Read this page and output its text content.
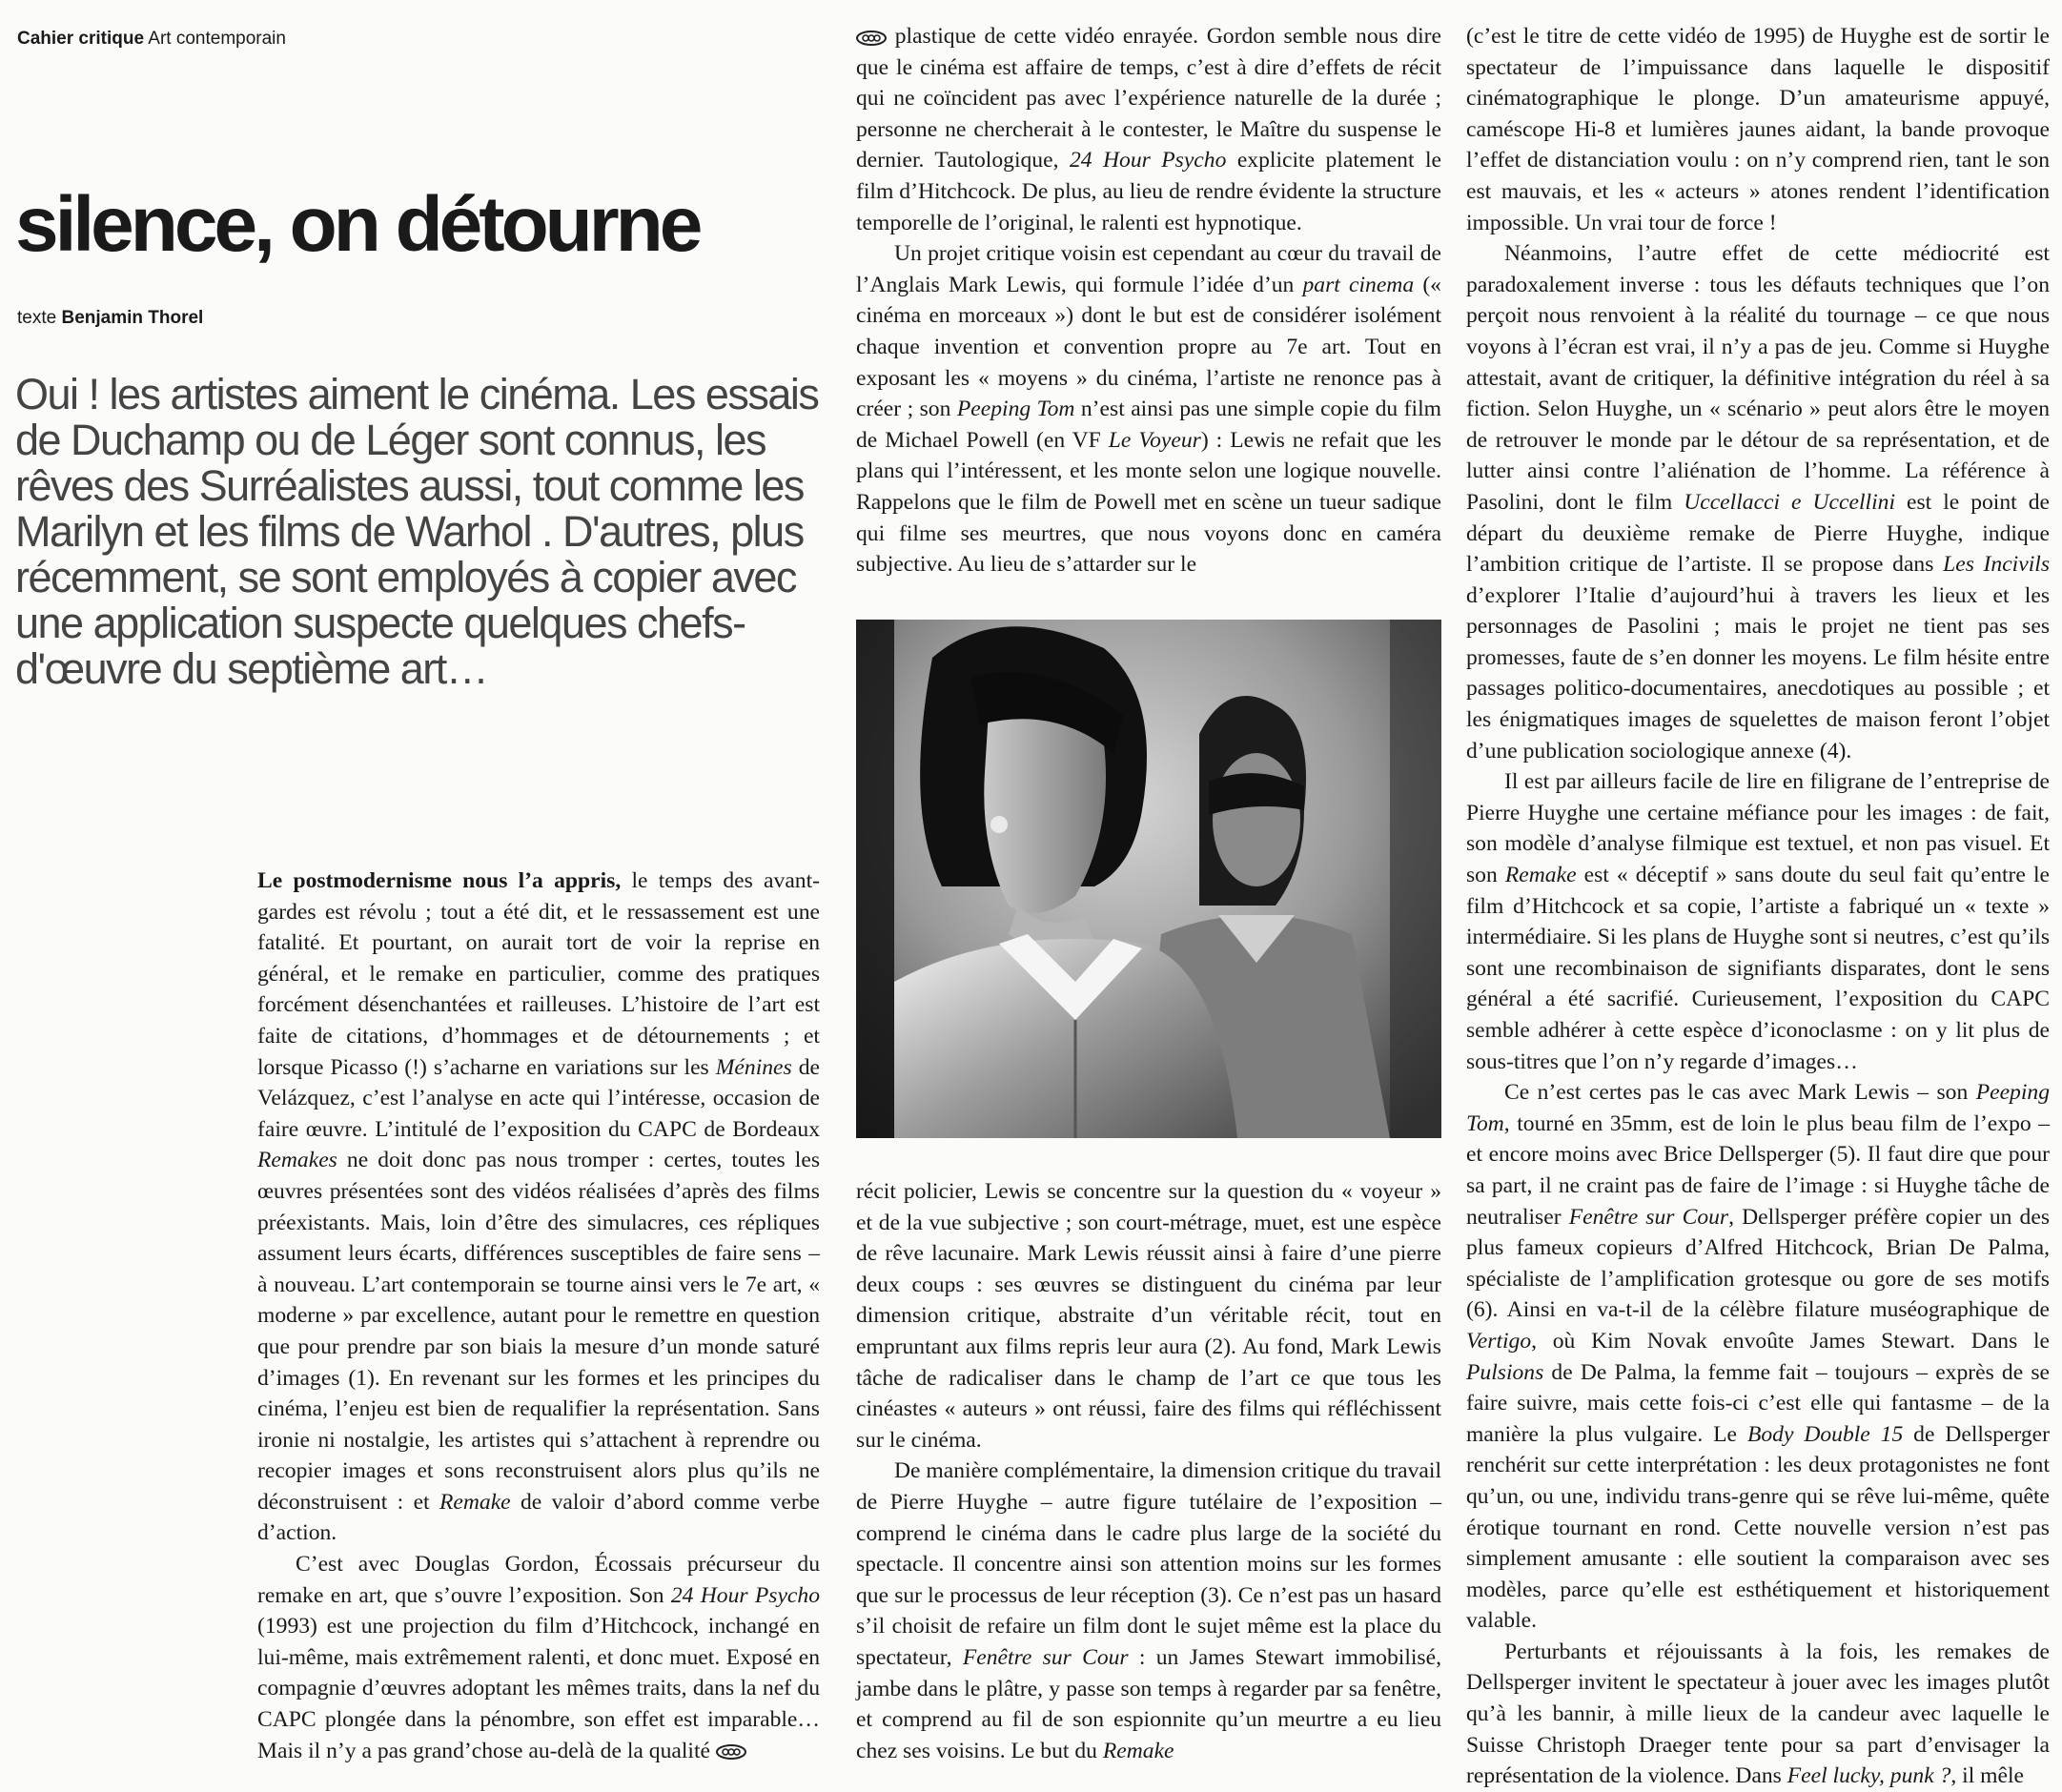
Cahier critique Art contemporain
silence, on détourne
texte Benjamin Thorel
Oui ! les artistes aiment le cinéma. Les essais de Duchamp ou de Léger sont connus, les rêves des Surréalistes aussi, tout comme les Marilyn et les films de Warhol . D'autres, plus récemment, se sont employés à copier avec une application suspecte quelques chefs-d'œuvre du septième art…

Le postmodernisme nous l’a appris, le temps des avant-gardes est révolu ; tout a été dit, et le ressassement est une fatalité. Et pourtant, on aurait tort de voir la reprise en général, et le remake en particulier, comme des pratiques forcément désenchantées et railleuses. L’histoire de l’art est faite de citations, d’hommages et de détournements ; et lorsque Picasso (!) s’acharne en variations sur les Ménines de Velázquez, c’est l’analyse en acte qui l’intéresse, occasion de faire œuvre. L’intitulé de l’exposition du CAPC de Bordeaux Remakes ne doit donc pas nous tromper : certes, toutes les œuvres présentées sont des vidéos réalisées d’après des films préexistants. Mais, loin d’être des simulacres, ces répliques assument leurs écarts, différences susceptibles de faire sens – à nouveau. L’art contemporain se tourne ainsi vers le 7e art, « moderne » par excellence, autant pour le remettre en question que pour prendre par son biais la mesure d’un monde saturé d’images (1). En revenant sur les formes et les principes du cinéma, l’enjeu est bien de requalifier la représentation. Sans ironie ni nostalgie, les artistes qui s’attachent à reprendre ou recopier images et sons reconstruisent alors plus qu’ils ne déconstruisent : et Remake de valoir d’abord comme verbe d’action.

C’est avec Douglas Gordon, Écossais précurseur du remake en art, que s’ouvre l’exposition. Son 24 Hour Psycho (1993) est une projection du film d’Hitchcock, inchangé en lui-même, mais extrêmement ralenti, et donc muet. Exposé en compagnie d’œuvres adoptant les mêmes traits, dans la nef du CAPC plongée dans la pénombre, son effet est imparable… Mais il n’y a pas grand’chose au-delà de la qualité

plastique de cette vidéo enrayée. Gordon semble nous dire que le cinéma est affaire de temps, c’est à dire d’effets de récit qui ne coïncident pas avec l’expérience naturelle de la durée ; personne ne chercherait à le contester, le Maître du suspense le dernier. Tautologique, 24 Hour Psycho explicite platement le film d’Hitchcock. De plus, au lieu de rendre évidente la structure temporelle de l’original, le ralenti est hypnotique.

Un projet critique voisin est cependant au cœur du travail de l’Anglais Mark Lewis, qui formule l’idée d’un part cinema (« cinéma en morceaux ») dont le but est de considérer isolément chaque invention et convention propre au 7e art. Tout en exposant les « moyens » du cinéma, l’artiste ne renonce pas à créer ; son Peeping Tom n’est ainsi pas une simple copie du film de Michael Powell (en VF Le Voyeur) : Lewis ne refait que les plans qui l’intéressent, et les monte selon une logique nouvelle. Rappelons que le film de Powell met en scène un tueur sadique qui filme ses meurtres, que nous voyons donc en caméra subjective. Au lieu de s’attarder sur le

récit policier, Lewis se concentre sur la question du « voyeur » et de la vue subjective ; son court-métrage, muet, est une espèce de rêve lacunaire. Mark Lewis réussit ainsi à faire d’une pierre deux coups : ses œuvres se distinguent du cinéma par leur dimension critique, abstraite d’un véritable récit, tout en empruntant aux films repris leur aura (2). Au fond, Mark Lewis tâche de radicaliser dans le champ de l’art ce que tous les cinéastes « auteurs » ont réussi, faire des films qui réfléchissent sur le cinéma.

De manière complémentaire, la dimension critique du travail de Pierre Huyghe – autre figure tutélaire de l’exposition – comprend le cinéma dans le cadre plus large de la société du spectacle. Il concentre ainsi son attention moins sur les formes que sur le processus de leur réception (3). Ce n’est pas un hasard s’il choisit de refaire un film dont le sujet même est la place du spectateur, Fenêtre sur Cour : un James Stewart immobilisé, jambe dans le plâtre, y passe son temps à regarder par sa fenêtre, et comprend au fil de son espionnite qu’un meurtre a eu lieu chez ses voisins. Le but du Remake

(c’est le titre de cette vidéo de 1995) de Huyghe est de sortir le spectateur de l’impuissance dans laquelle le dispositif cinématographique le plonge. D’un amateurisme appuyé, caméscope Hi-8 et lumières jaunes aidant, la bande provoque l’effet de distanciation voulu : on n’y comprend rien, tant le son est mauvais, et les « acteurs » atones rendent l’identification impossible. Un vrai tour de force !

Néanmoins, l’autre effet de cette médiocrité est paradoxalement inverse : tous les défauts techniques que l’on perçoit nous renvoient à la réalité du tournage – ce que nous voyons à l’écran est vrai, il n’y a pas de jeu. Comme si Huyghe attestait, avant de critiquer, la définitive intégration du réel à sa fiction. Selon Huyghe, un « scénario » peut alors être le moyen de retrouver le monde par le détour de sa représentation, et de lutter ainsi contre l’aliénation de l’homme. La référence à Pasolini, dont le film Uccellacci e Uccellini est le point de départ du deuxième remake de Pierre Huyghe, indique l’ambition critique de l’artiste. Il se propose dans Les Incivils d’explorer l’Italie d’aujourd’hui à travers les lieux et les personnages de Pasolini ; mais le projet ne tient pas ses promesses, faute de s’en donner les moyens. Le film hésite entre passages politico-documentaires, anecdotiques au possible ; et les énigmatiques images de squelettes de maison feront l’objet d’une publication sociologique annexe (4).

Il est par ailleurs facile de lire en filigrane de l’entreprise de Pierre Huyghe une certaine méfiance pour les images : de fait, son modèle d’analyse filmique est textuel, et non pas visuel. Et son Remake est « déceptif » sans doute du seul fait qu’entre le film d’Hitchcock et sa copie, l’artiste a fabriqué un « texte » intermédiaire. Si les plans de Huyghe sont si neutres, c’est qu’ils sont une recombinaison de signifiants disparates, dont le sens général a été sacrifié. Curieusement, l’exposition du CAPC semble adhérer à cette espèce d’iconoclasme : on y lit plus de sous-titres que l’on n’y regarde d’images…

Ce n’est certes pas le cas avec Mark Lewis – son Peeping Tom, tourné en 35mm, est de loin le plus beau film de l’expo – et encore moins avec Brice Dellsperger (5). Il faut dire que pour sa part, il ne craint pas de faire de l’image : si Huyghe tâche de neutraliser Fenêtre sur Cour, Dellsperger préfère copier un des plus fameux copieurs d’Alfred Hitchcock, Brian De Palma, spécialiste de l’amplification grotesque ou gore de ses motifs (6). Ainsi en va-t-il de la célèbre filature muséographique de Vertigo, où Kim Novak envoûte James Stewart. Dans le Pulsions de De Palma, la femme fait – toujours – exprès de se faire suivre, mais cette fois-ci c’est elle qui fantasme – de la manière la plus vulgaire. Le Body Double 15 de Dellsperger renchérit sur cette interprétation : les deux protagonistes ne font qu’un, ou une, individu trans-genre qui se rêve lui-même, quête érotique tournant en rond. Cette nouvelle version n’est pas simplement amusante : elle soutient la comparaison avec ses modèles, parce qu’elle est esthétiquement et historiquement valable.

Perturbants et réjouissants à la fois, les remakes de Dellsperger invitent le spectateur à jouer avec les images plutôt qu’à les bannir, à mille lieux de la candeur avec laquelle le Suisse Christoph Draeger tente pour sa part d’envisager la représentation de la violence. Dans Feel lucky, punk ?, il mêle
